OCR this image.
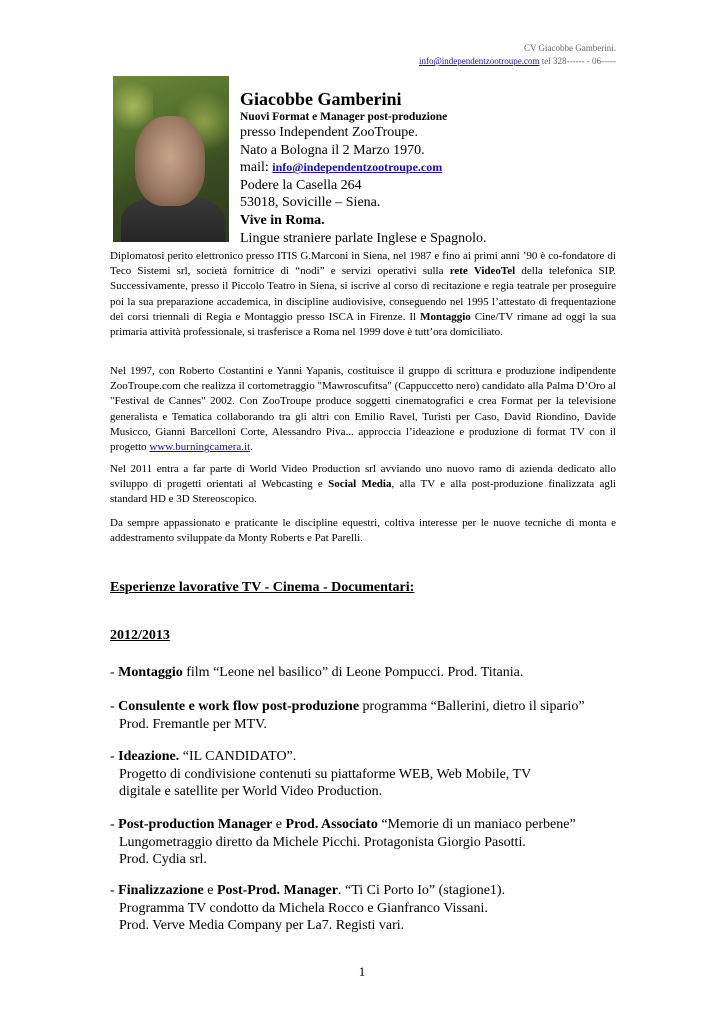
CV Giacobbe Gamberini.
info@independentzootroupe.com tel 328------ - 06-----
Giacobbe Gamberini
Nuovi Format e Manager post-produzione
presso Independent ZooTroupe.
Nato a Bologna il 2 Marzo 1970.
mail: info@independentzootroupe.com
Podere la Casella 264
53018, Sovicille – Siena.
Vive in Roma.
Lingue straniere parlate Inglese e Spagnolo.
Diplomatosi perito elettronico presso ITIS G.Marconi in Siena, nel 1987 e fino ai primi anni ’90 è co-fondatore di Teco Sistemi srl, società fornitrice di “nodi” e servizi operativi sulla rete VideoTel della telefonica SIP. Successivamente, presso il Piccolo Teatro in Siena, si iscrive al corso di recitazione e regia teatrale per proseguire poi la sua preparazione accademica, in discipline audiovisive, conseguendo nel 1995 l’attestato di frequentazione dei corsi triennali di Regia e Montaggio presso ISCA in Firenze. Il Montaggio Cine/TV rimane ad oggi la sua primaria attività professionale, si trasferisce a Roma nel 1999 dove è tutt’ora domiciliato.
Nel 1997, con Roberto Costantini e Yanni Yapanis, costituisce il gruppo di scrittura e produzione indipendente ZooTroupe.com che realizza il cortometraggio "Mawroscufitsa" (Cappuccetto nero) candidato alla Palma D’Oro al "Festival de Cannes" 2002. Con ZooTroupe produce soggetti cinematografici e crea Format per la televisione generalista e Tematica collaborando tra gli altri con Emilio Ravel, Turisti per Caso, David Riondino, Davide Musicco, Gianni Barcelloni Corte, Alessandro Piva... approccia l’ideazione e produzione di format TV con il progetto www.burningcamera.it.
Nel 2011 entra a far parte di World Video Production srl avviando uno nuovo ramo di azienda dedicato allo sviluppo di progetti orientati al Webcasting e Social Media, alla TV e alla post-produzione finalizzata agli standard HD e 3D Stereoscopico.
Da sempre appassionato e praticante le discipline equestri, coltiva interesse per le nuove tecniche di monta e addestramento sviluppate da Monty Roberts e Pat Parelli.
Esperienze lavorative TV - Cinema - Documentari:
2012/2013
- Montaggio film “Leone nel basilico” di Leone Pompucci. Prod. Titania.
- Consulente e work flow post-produzione programma “Ballerini, dietro il sipario”
Prod. Fremantle per MTV.
- Ideazione. “IL CANDIDATO”.
Progetto di condivisione contenuti su piattaforme WEB, Web Mobile, TV
digitale e satellite per World Video Production.
- Post-production Manager e Prod. Associato “Memorie di un maniaco perbene”
Lungometraggio diretto da Michele Picchi. Protagonista Giorgio Pasotti.
Prod. Cydia srl.
- Finalizzazione e Post-Prod. Manager. “Ti Ci Porto Io” (stagione1).
Programma TV condotto da Michela Rocco e Gianfranco Vissani.
Prod. Verve Media Company per La7. Registi vari.
1
